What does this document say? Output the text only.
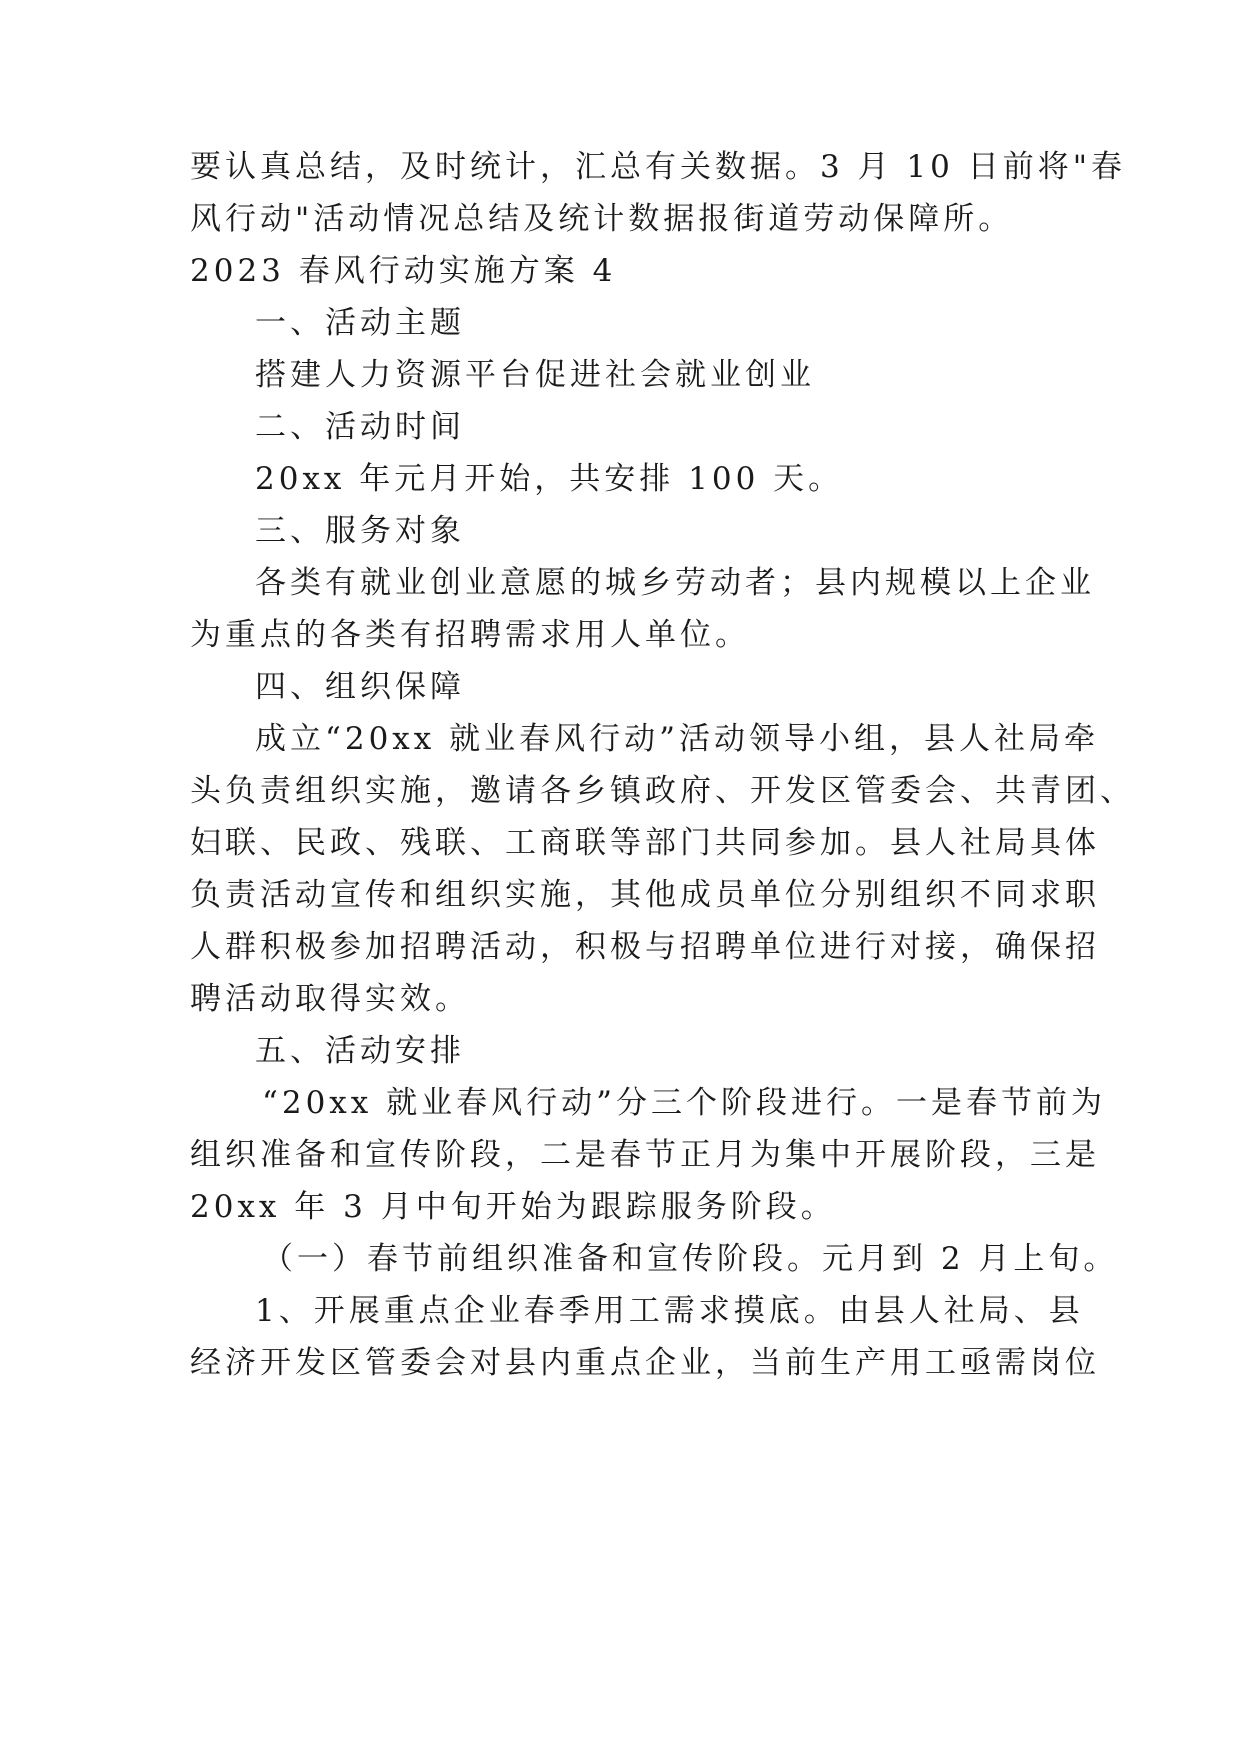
要认真总结，及时统计，汇总有关数据。3 月 10 日前将"春
风行动"活动情况总结及统计数据报街道劳动保障所。
2023 春风行动实施方案 4
一、活动主题
搭建人力资源平台促进社会就业创业
二、活动时间
20xx 年元月开始，共安排 100 天。
三、服务对象
各类有就业创业意愿的城乡劳动者；县内规模以上企业
为重点的各类有招聘需求用人单位。
四、组织保障
成立“20xx 就业春风行动”活动领导小组，县人社局牵
头负责组织实施，邀请各乡镇政府、开发区管委会、共青团、
妇联、民政、残联、工商联等部门共同参加。县人社局具体
负责活动宣传和组织实施，其他成员单位分别组织不同求职
人群积极参加招聘活动，积极与招聘单位进行对接，确保招
聘活动取得实效。
五、活动安排
“20xx 就业春风行动”分三个阶段进行。一是春节前为
组织准备和宣传阶段，二是春节正月为集中开展阶段，三是
20xx 年 3 月中旬开始为跟踪服务阶段。
（一）春节前组织准备和宣传阶段。元月到 2 月上旬。
1、开展重点企业春季用工需求摸底。由县人社局、县
经济开发区管委会对县内重点企业，当前生产用工亟需岗位
